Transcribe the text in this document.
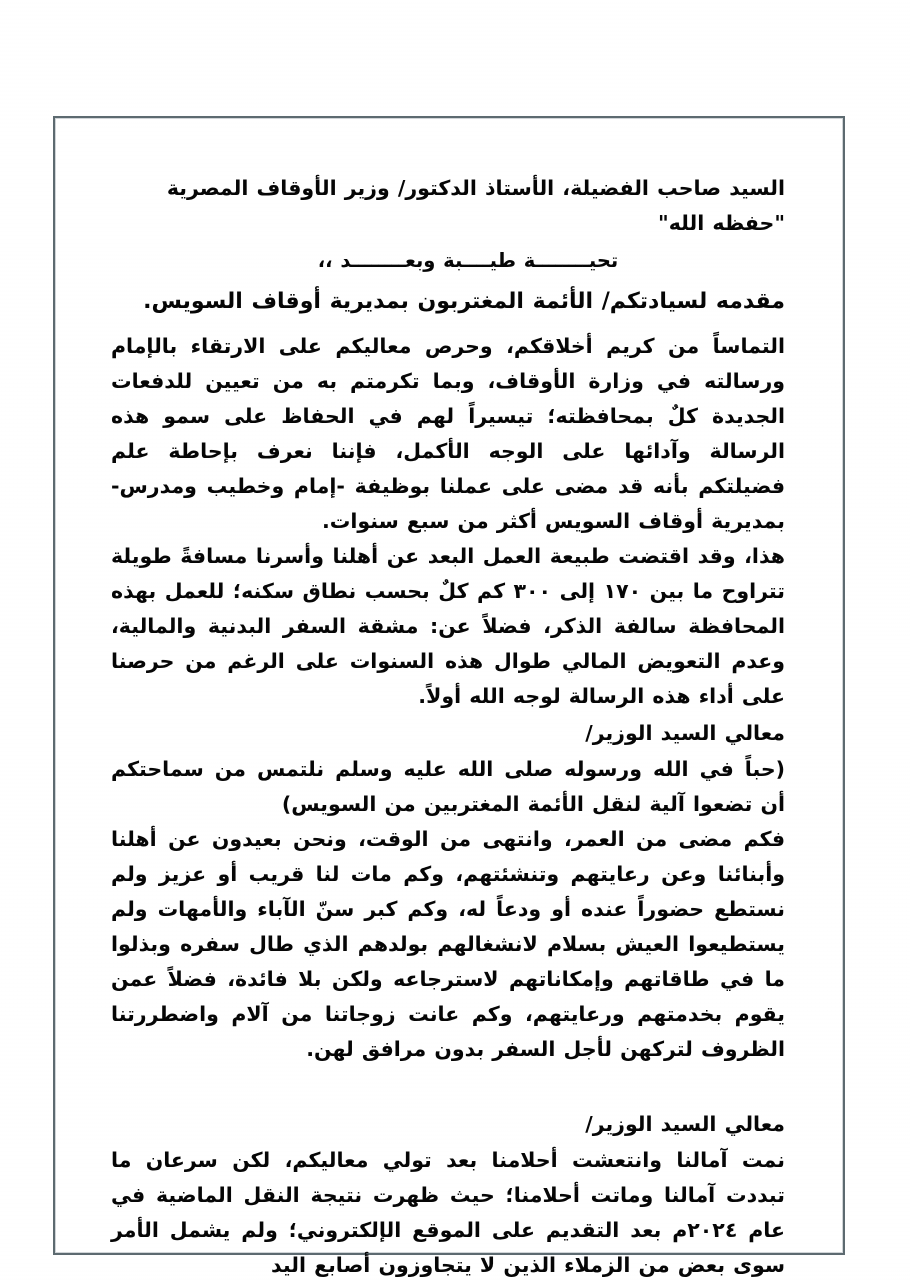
السيد صاحب الفضيلة، الأستاذ الدكتور/ وزير الأوقاف المصرية "حفظه الله"

تحيــــــــة طيــــبة وبعــــــــد ،،

مقدمه لسيادتكم/ الأئمة المغتربون بمديرية أوقاف السويس.

التماساً من كريم أخلاقكم، وحرص معاليكم على الارتقاء بالإمام ورسالته في وزارة الأوقاف، وبما تكرمتم به من تعيين للدفعات الجديدة كلٌ بمحافظته؛ تيسيراً لهم في الحفاظ على سمو هذه الرسالة وآدائها على الوجه الأكمل، فإننا نعرف بإحاطة علم فضيلتكم بأنه قد مضى على عملنا بوظيفة -إمام وخطيب ومدرس- بمديرية أوقاف السويس أكثر من سبع سنوات.

هذا، وقد اقتضت طبيعة العمل البعد عن أهلنا وأسرنا مسافةً طويلة تتراوح ما بين ١٧٠ إلى ٣٠٠ كم كلٌ بحسب نطاق سكنه؛ للعمل بهذه المحافظة سالفة الذكر، فضلاً عن: مشقة السفر البدنية والمالية، وعدم التعويض المالي طوال هذه السنوات على الرغم من حرصنا على أداء هذه الرسالة لوجه الله أولاً.

معالي السيد الوزير/

(حباً في الله ورسوله صلى الله عليه وسلم نلتمس من سماحتكم أن تضعوا آلية لنقل الأئمة المغتربين من السويس)

فكم مضى من العمر، وانتهى من الوقت، ونحن بعيدون عن أهلنا وأبنائنا وعن رعايتهم وتنشئتهم، وكم مات لنا قريب أو عزيز ولم نستطع حضوراً عنده أو ودعاً له، وكم كبر سنّ الآباء والأمهات ولم يستطيعوا العيش بسلام لانشغالهم بولدهم الذي طال سفره وبذلوا ما في طاقاتهم وإمكاناتهم لاسترجاعه ولكن بلا فائدة، فضلاً عمن يقوم بخدمتهم ورعايتهم، وكم عانت زوجاتنا من آلام واضطررتنا الظروف لتركهن لأجل السفر بدون مرافق لهن.

معالي السيد الوزير/

نمت آمالنا وانتعشت أحلامنا بعد تولي معاليكم، لكن سرعان ما تبددت آمالنا وماتت أحلامنا؛ حيث ظهرت نتيجة النقل الماضية في عام ٢٠٢٤م بعد التقديم على الموقع الإلكتروني؛ ولم يشمل الأمر سوى بعض من الزملاء الذين لا يتجاوزون أصابع اليد
